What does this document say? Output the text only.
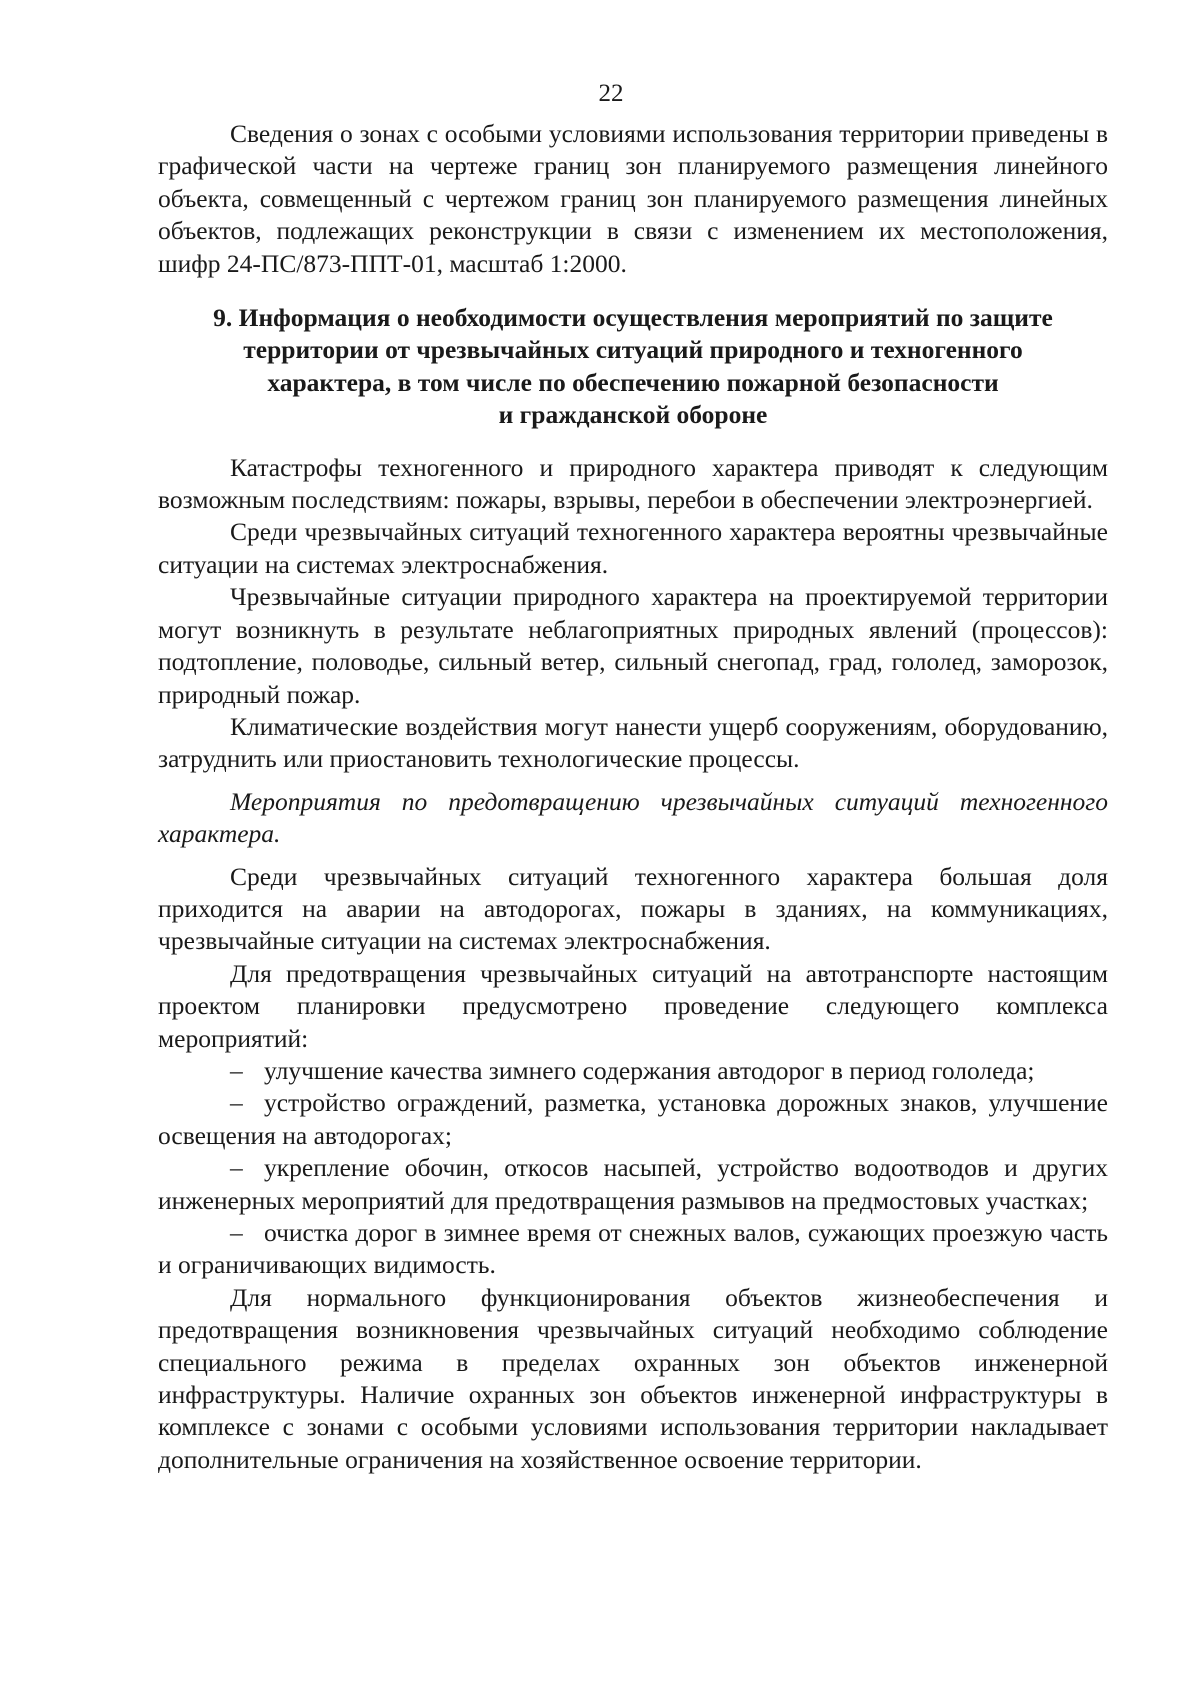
22

Сведения о зонах с особыми условиями использования территории приведены в графической части на чертеже границ зон планируемого размещения линейного объекта, совмещенный с чертежом границ зон планируемого размещения линейных объектов, подлежащих реконструкции в связи с изменением их местоположения, шифр 24-ПС/873-ППТ-01, масштаб 1:2000.

9. Информация о необходимости осуществления мероприятий по защите
территории от чрезвычайных ситуаций природного и техногенного
характера, в том числе по обеспечению пожарной безопасности
и гражданской обороне

Катастрофы техногенного и природного характера приводят к следующим возможным последствиям: пожары, взрывы, перебои в обеспечении электроэнергией.

Среди чрезвычайных ситуаций техногенного характера вероятны чрезвычайные ситуации на системах электроснабжения.

Чрезвычайные ситуации природного характера на проектируемой территории могут возникнуть в результате неблагоприятных природных явлений (процессов): подтопление, половодье, сильный ветер, сильный снегопад, град, гололед, заморозок, природный пожар.

Климатические воздействия могут нанести ущерб сооружениям, оборудованию, затруднить или приостановить технологические процессы.

Мероприятия по предотвращению чрезвычайных ситуаций техногенного характера.

Среди чрезвычайных ситуаций техногенного характера большая доля приходится на аварии на автодорогах, пожары в зданиях, на коммуникациях, чрезвычайные ситуации на системах электроснабжения.

Для предотвращения чрезвычайных ситуаций на автотранспорте настоящим проектом планировки предусмотрено проведение следующего комплекса мероприятий:

– улучшение качества зимнего содержания автодорог в период гололеда;

– устройство ограждений, разметка, установка дорожных знаков, улучшение освещения на автодорогах;

– укрепление обочин, откосов насыпей, устройство водоотводов и других инженерных мероприятий для предотвращения размывов на предмостовых участках;

– очистка дорог в зимнее время от снежных валов, сужающих проезжую часть и ограничивающих видимость.

Для нормального функционирования объектов жизнеобеспечения и предотвращения возникновения чрезвычайных ситуаций необходимо соблюдение специального режима в пределах охранных зон объектов инженерной инфраструктуры. Наличие охранных зон объектов инженерной инфраструктуры в комплексе с зонами с особыми условиями использования территории накладывает дополнительные ограничения на хозяйственное освоение территории.
